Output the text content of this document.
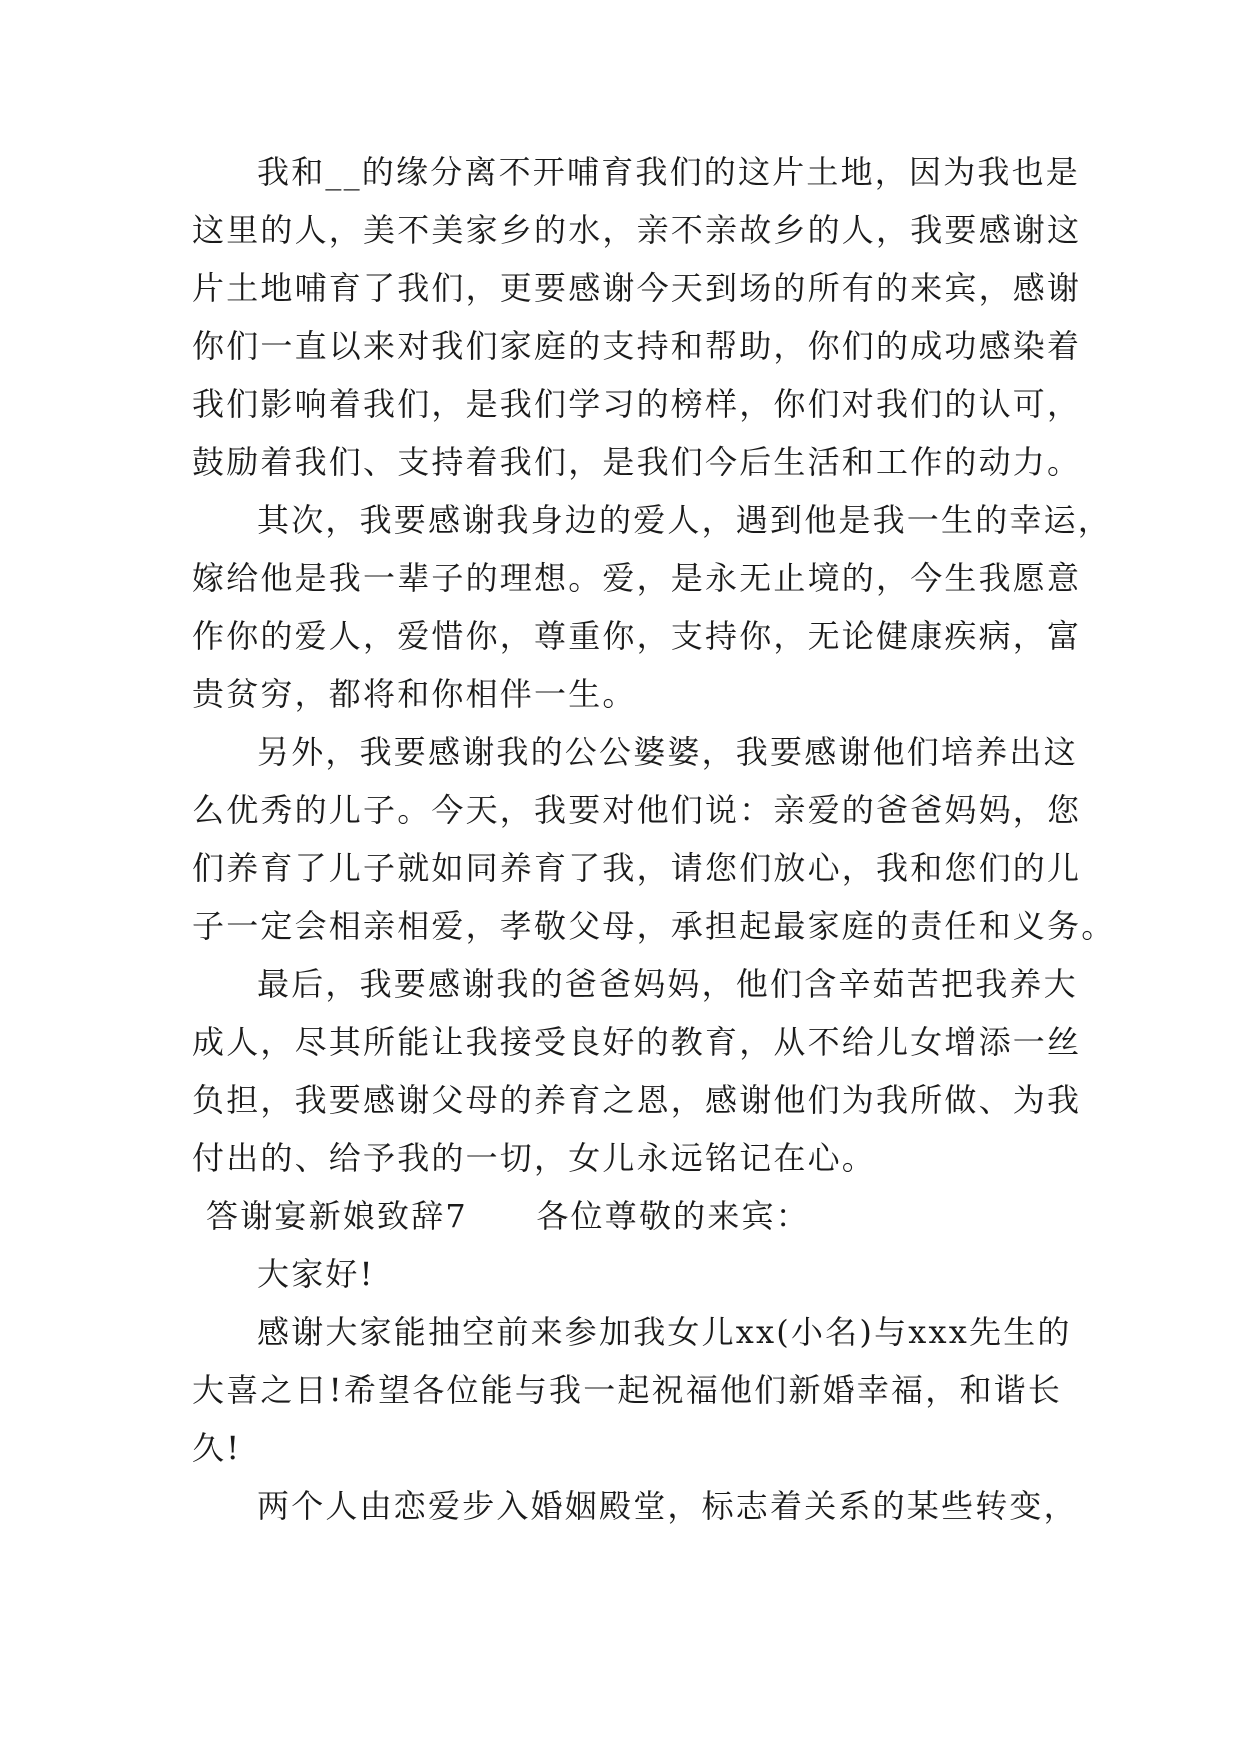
我和__的缘分离不开哺育我们的这片土地，因为我也是
这里的人，美不美家乡的水，亲不亲故乡的人，我要感谢这
片土地哺育了我们，更要感谢今天到场的所有的来宾，感谢
你们一直以来对我们家庭的支持和帮助，你们的成功感染着
我们影响着我们，是我们学习的榜样，你们对我们的认可，
鼓励着我们、支持着我们，是我们今后生活和工作的动力。
其次，我要感谢我身边的爱人，遇到他是我一生的幸运，
嫁给他是我一辈子的理想。爱，是永无止境的，今生我愿意
作你的爱人，爱惜你，尊重你，支持你，无论健康疾病，富
贵贫穷，都将和你相伴一生。
另外，我要感谢我的公公婆婆，我要感谢他们培养出这
么优秀的儿子。今天，我要对他们说：亲爱的爸爸妈妈，您
们养育了儿子就如同养育了我，请您们放心，我和您们的儿
子一定会相亲相爱，孝敬父母，承担起最家庭的责任和义务。
最后，我要感谢我的爸爸妈妈，他们含辛茹苦把我养大
成人，尽其所能让我接受良好的教育，从不给儿女增添一丝
负担，我要感谢父母的养育之恩，感谢他们为我所做、为我
付出的、给予我的一切，女儿永远铭记在心。
答谢宴新娘致辞7　　各位尊敬的来宾：
大家好!
感谢大家能抽空前来参加我女儿xx(小名)与xxx先生的
大喜之日!希望各位能与我一起祝福他们新婚幸福，和谐长
久!
两个人由恋爱步入婚姻殿堂，标志着关系的某些转变，
